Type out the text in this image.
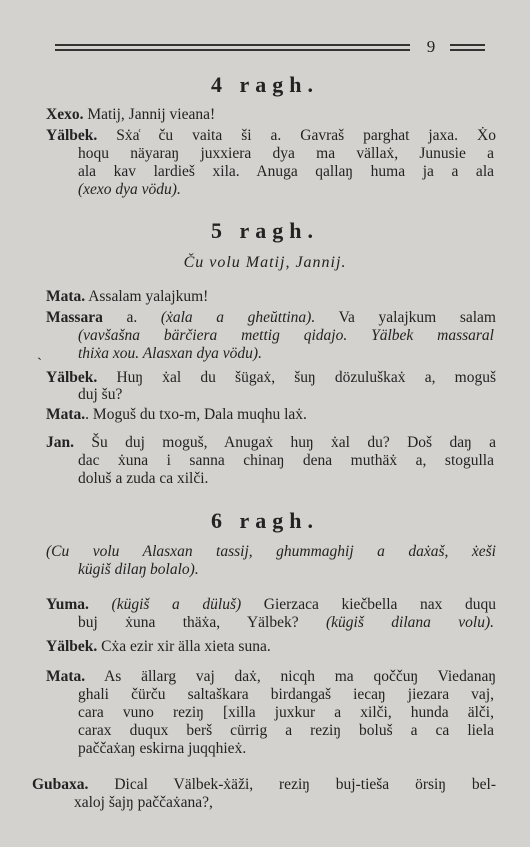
9
4 ragh.
Xexo. Matij, Jannij vieana!
Yälbek. Sẋa͑ ču vaita ši a. Gavraš parghat jaxa. Ẋo
hoqu näyaraŋ juxxiera dya ma vällaẋ, Junusie a
ala kav lardieš xila. Anuga qallaŋ huma ja a ala
(xexo dya vödu).
5 ragh.
Ču volu Matij, Jannij.
Mata. Assalam yalajkum!
Massara a. (ẋala a gheŭttina). Va yalajkum salam
(vavšašna bärčiera mettig qidajo. Yälbek massaral
ˏ thiẋa xou. Alasxan dya vödu).
Yälbek. Huŋ ẋal du šügaẋ, šuŋ dözuluškaẋ a, moguš
duj šu?
Mata.. Moguš du txo-m, Dala muqhu laẋ.
Jan. Šu duj moguš, Anugaẋ huŋ ẋal du? Doš daŋ a
dac ẋuna i sanna chinaŋ dena muthäẋ a, stogulla
doluš a zuda ca xilči.
6 ragh.
(Cu volu Alasxan tassij, ghummaghij a daẋaš, ẋeši
kügiš dilaŋ bolalo).
Yuma. (kügiš a düluš) Gierzaca kiečbella nax duqu
buj ẋuna thäẋa, Yälbek? (kügiš dilana volu).
Yälbek. Cẋa ezir xir älla xieta suna.
Mata. As ällarg vaj daẋ, nicqh ma qoččuŋ Viedanaŋ
ghali čürču saltaškara birdangaš iecaŋ jiezara vaj,
cara vuno reziŋ [xilla juxkur a xilči, hunda älči,
carax duqux berš cürrig a reziŋ boluš a ca liela
paččaẋaŋ eskirna juqqhieẋ.
Gubaxa. Dical Välbek-ẋäži, reziŋ buj-tieša örsiŋ bel-
xaloj šajŋ paččaẋana?,
